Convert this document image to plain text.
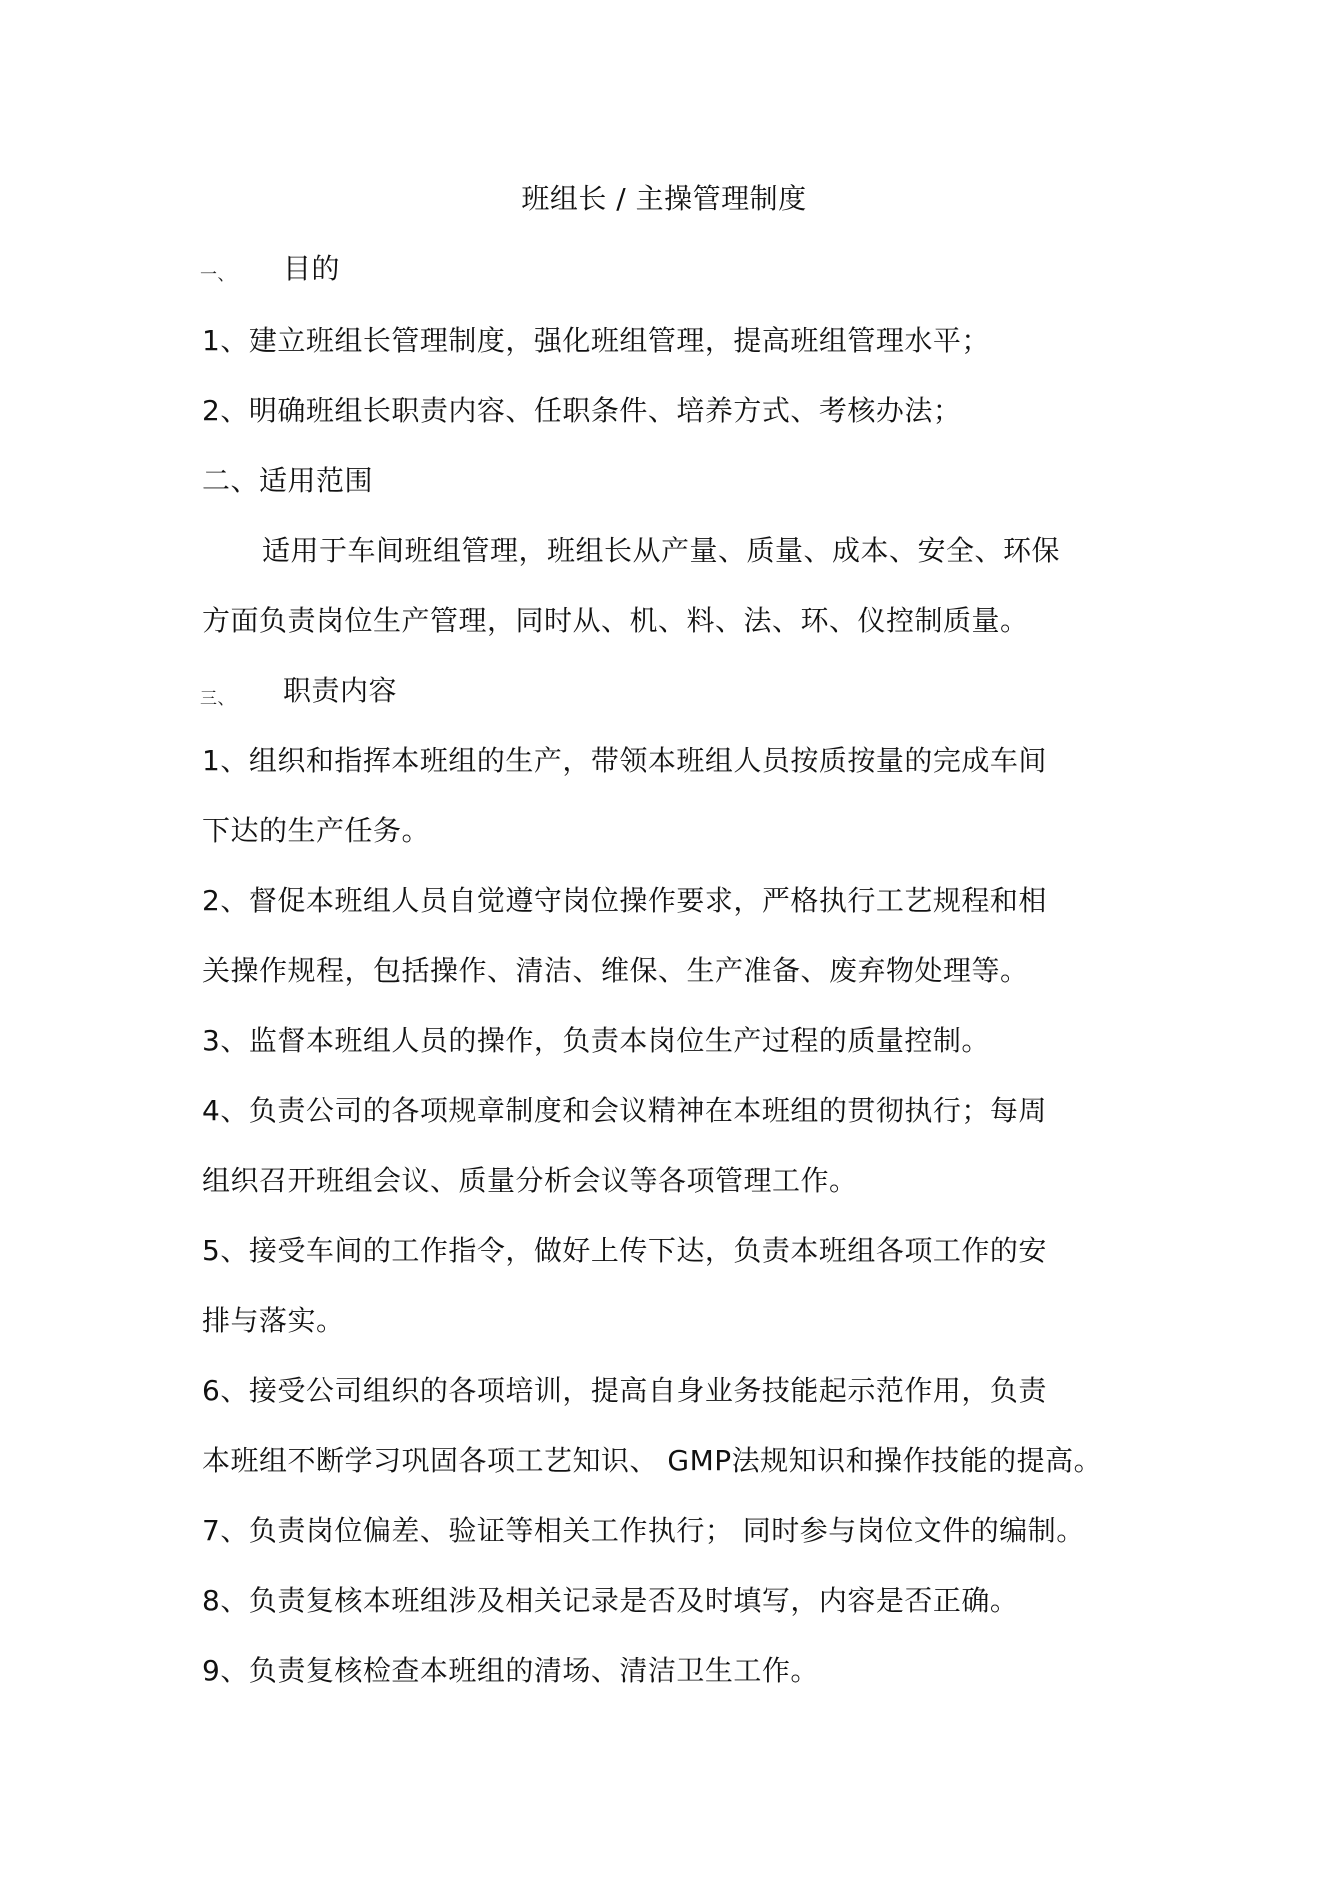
班组长 / 主操管理制度
一、 目的
1、建立班组长管理制度，强化班组管理，提高班组管理水平；
2、明确班组长职责内容、任职条件、培养方式、考核办法；
二、适用范围
适用于车间班组管理，班组长从产量、质量、成本、安全、环保
方面负责岗位生产管理，同时从、机、料、法、环、仪控制质量。
三、 职责内容
1、组织和指挥本班组的生产，带领本班组人员按质按量的完成车间
下达的生产任务。
2、督促本班组人员自觉遵守岗位操作要求，严格执行工艺规程和相
关操作规程，包括操作、清洁、维保、生产准备、废弃物处理等。
3、监督本班组人员的操作，负责本岗位生产过程的质量控制。
4、负责公司的各项规章制度和会议精神在本班组的贯彻执行；每周
组织召开班组会议、质量分析会议等各项管理工作。
5、接受车间的工作指令，做好上传下达，负责本班组各项工作的安
排与落实。
6、接受公司组织的各项培训，提高自身业务技能起示范作用，负责
本班组不断学习巩固各项工艺知识、 GMP法规知识和操作技能的提高。
7、负责岗位偏差、验证等相关工作执行； 同时参与岗位文件的编制。
8、负责复核本班组涉及相关记录是否及时填写，内容是否正确。
9、负责复核检查本班组的清场、清洁卫生工作。
